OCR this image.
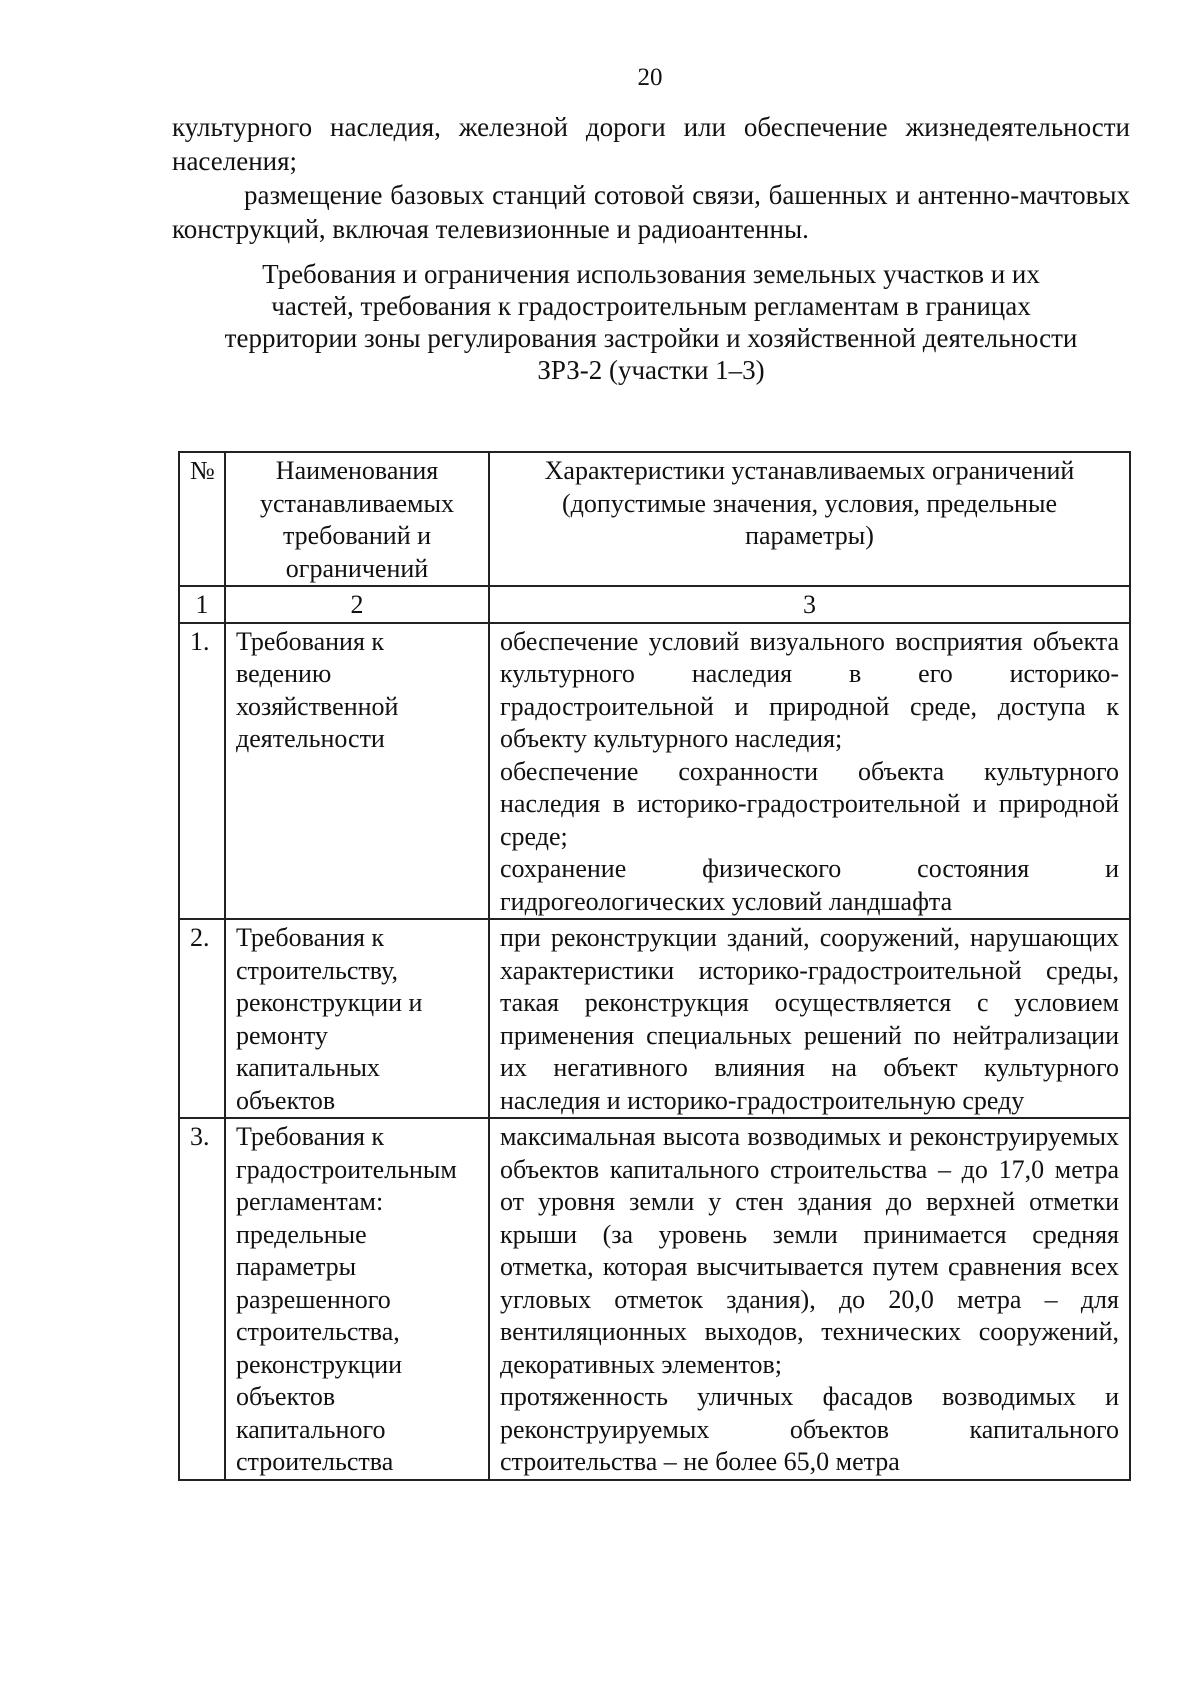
20

культурного наследия, железной дороги или обеспечение жизнедеятельности населения;

размещение базовых станций сотовой связи, башенных и антенно-мачтовых конструкций, включая телевизионные и радиоантенны.

Требования и ограничения использования земельных участков и их
частей, требования к градостроительным регламентам в границах
территории зоны регулирования застройки и хозяйственной деятельности
ЗРЗ-2 (участки 1–3)
№	Наименования устанавливаемых требований и ограничений	Характеристики устанавливаемых ограничений (допустимые значения, условия, предельные параметры)
1	2	3
1.	Требования к ведению хозяйственной деятельности	обеспечение условий визуального восприятия объекта культурного наследия в его историко-градостроительной и природной среде, доступа к объекту культурного наследия;
обеспечение сохранности объекта культурного наследия в историко-градостроительной и природной среде;
сохранение физического состояния и гидрогеологических условий ландшафта

2.	Требования к строительству, реконструкции и ремонту капитальных объектов	при реконструкции зданий, сооружений, нарушающих характеристики историко-градостроительной среды, такая реконструкция осуществляется с условием применения специальных решений по нейтрализации их негативного влияния на объект культурного наследия и историко-градостроительную среду

3.	Требования к градостроительным регламентам: предельные параметры разрешенного строительства, реконструкции объектов капитального строительства	максимальная высота возводимых и реконструируемых объектов капитального строительства – до 17,0 метра от уровня земли у стен здания до верхней отметки крыши (за уровень земли принимается средняя отметка, которая высчитывается путем сравнения всех угловых отметок здания), до 20,0 метра – для вентиляционных выходов, технических сооружений, декоративных элементов;
протяженность уличных фасадов возводимых и реконструируемых объектов капитального строительства – не более 65,0 метра
